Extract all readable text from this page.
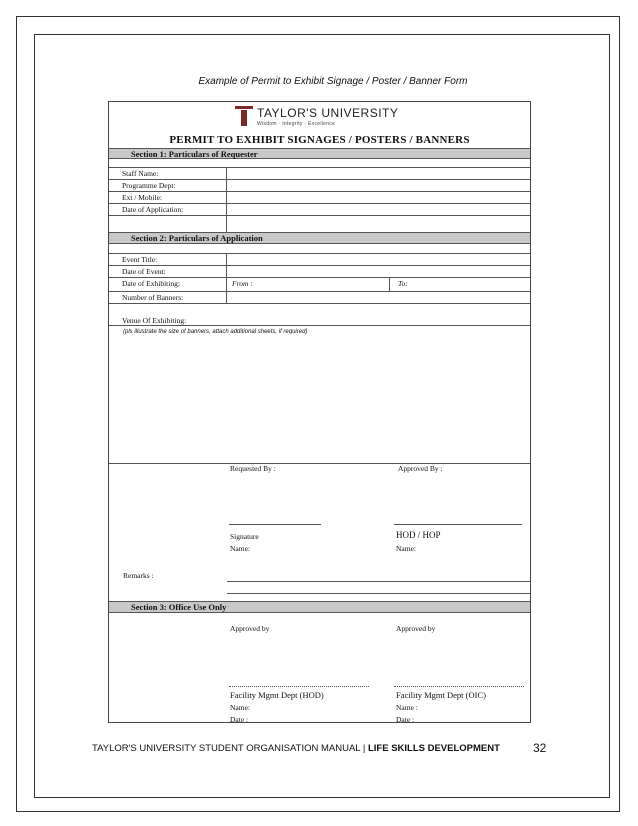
Example of Permit to Exhibit Signage / Poster / Banner Form
TAYLOR'S UNIVERSITY
Wisdom · Integrity · Excellence
PERMIT TO EXHIBIT SIGNAGES / POSTERS / BANNERS
Section 1: Particulars of Requester
Staff Name:
Programme Dept:
Ext / Mobile:
Date of Application:
Section 2: Particulars of Application
Event Title:
Date of Event:
Date of Exhibiting:	From :	To:
Number of Banners:
Venue Of Exhibiting:
(pls illustrate the size of banners, attach additional sheets, if required)
Requested By :	Approved By :
Signature	HOD / HOP
Name:	Name:
Remarks :
Section 3: Office Use Only
Approved by	Approved by
Facility Mgmt Dept (HOD)	Facility Mgmt Dept (OIC)
Name:	Name :
Date :	Date :
TAYLOR'S UNIVERSITY STUDENT ORGANISATION MANUAL | LIFE SKILLS DEVELOPMENT	32
